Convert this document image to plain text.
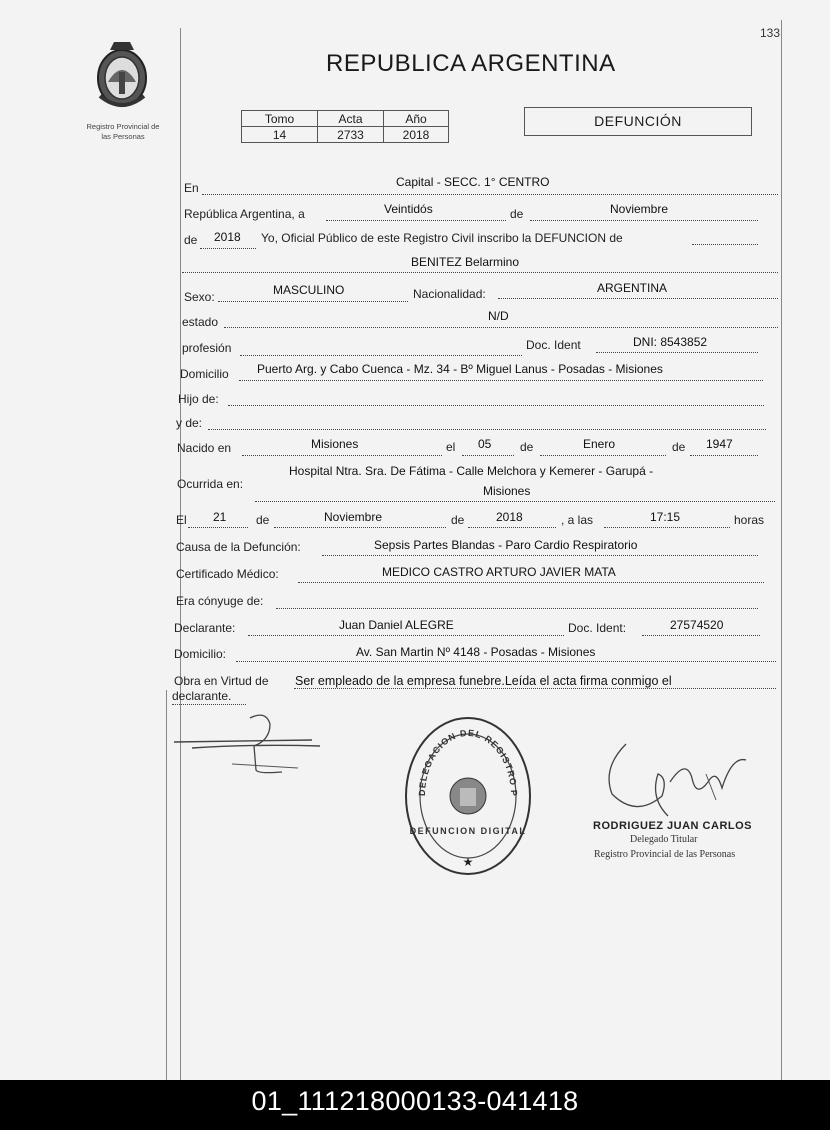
133
Registro Provincial de
las Personas
REPUBLICA ARGENTINA
Tomo	Acta	Año
14	2733	2018
DEFUNCIÓN
En	Capital - SECC. 1° CENTRO
República Argentina, a	Veintidós	de	Noviembre
de 2018 Yo, Oficial Público de este Registro Civil inscribo la DEFUNCION de
BENITEZ Belarmino
Sexo:	MASCULINO	Nacionalidad:	ARGENTINA
estado	N/D
profesión	Doc. Ident	DNI: 8543852
Domicilio Puerto Arg. y Cabo Cuenca - Mz. 34 - Bº Miguel Lanus - Posadas - Misiones
Hijo de:
y de:
Nacido en	Misiones	el 05 de	Enero	de 1947
Ocurrida en:
Hospital Ntra. Sra. De Fátima - Calle Melchora y Kemerer - Garupá -
Misiones
El 21 de	Noviembre	de	2018	, a las	17:15	horas
Causa de la Defunción:	Sepsis Partes Blandas - Paro Cardio Respiratorio
Certificado Médico:	MEDICO CASTRO ARTURO JAVIER MATA
Era cónyuge de:
Declarante:	Juan Daniel ALEGRE	Doc. Ident:	27574520
Domicilio:	Av. San Martin Nº 4148 - Posadas - Misiones
Obra en Virtud de Ser empleado de la empresa funebre.Leída el acta firma conmigo el
declarante.
DELEGACION DEL REGISTRO P
DEFUNCION DIGITAL
★
RODRIGUEZ JUAN CARLOS
Delegado Titular
Registro Provincial de las Personas
01_111218000133-041418
